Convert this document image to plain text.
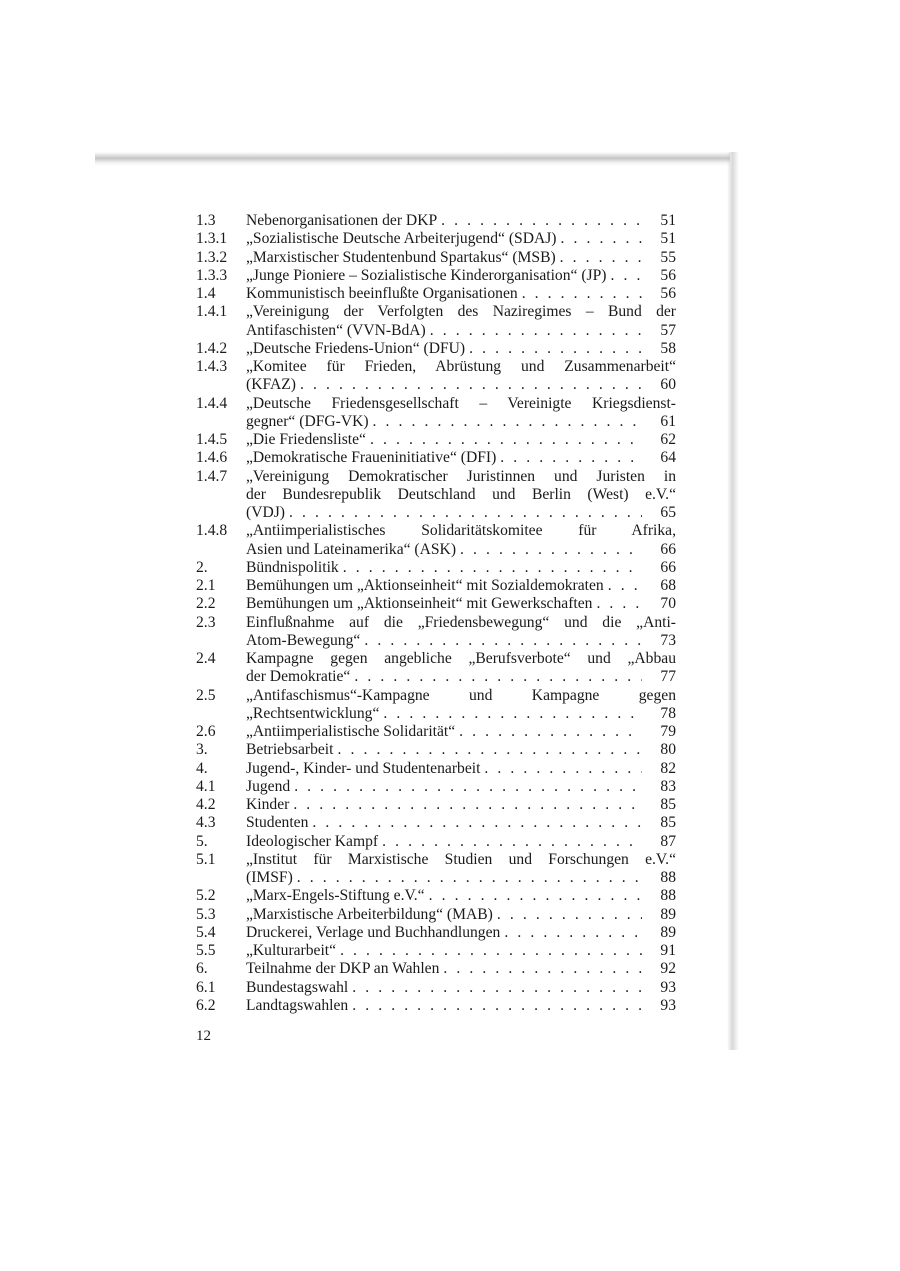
1.3	Nebenorganisationen der DKP . . .	51
1.3.1	„Sozialistische Deutsche Arbeiterjugend“ (SDAJ) . . .	51
1.3.2	„Marxistischer Studentenbund Spartakus“ (MSB) . . .	55
1.3.3	„Junge Pioniere – Sozialistische Kinderorganisation“ (JP) . . .	56
1.4	Kommunistisch beeinflußte Organisationen . . .	56
1.4.1	„Vereinigung der Verfolgten des Naziregimes – Bund der
Antifaschisten“ (VVN-BdA) . . .	57
1.4.2	„Deutsche Friedens-Union“ (DFU) . . .	58
1.4.3	„Komitee für Frieden, Abrüstung und Zusammenarbeit“
(KFAZ) . . .	60
1.4.4	„Deutsche Friedensgesellschaft – Vereinigte Kriegsdienst-
gegner“ (DFG-VK) . . .	61
1.4.5	„Die Friedensliste“ . . .	62
1.4.6	„Demokratische Fraueninitiative“ (DFI) . . .	64
1.4.7	„Vereinigung Demokratischer Juristinnen und Juristen in
der Bundesrepublik Deutschland und Berlin (West) e.V.“
(VDJ) . . .	65
1.4.8	„Antiimperialistisches Solidaritätskomitee für Afrika,
Asien und Lateinamerika“ (ASK) . . .	66
2.	Bündnispolitik . . .	66
2.1	Bemühungen um „Aktionseinheit“ mit Sozialdemokraten . . .	68
2.2	Bemühungen um „Aktionseinheit“ mit Gewerkschaften . . .	70
2.3	Einflußnahme auf die „Friedensbewegung“ und die „Anti-
Atom-Bewegung“ . . .	73
2.4	Kampagne gegen angebliche „Berufsverbote“ und „Abbau
der Demokratie“ . . .	77
2.5	„Antifaschismus“-Kampagne und Kampagne gegen
„Rechtsentwicklung“ . . .	78
2.6	„Antiimperialistische Solidarität“ . . .	79
3.	Betriebsarbeit . . .	80
4.	Jugend-, Kinder- und Studentenarbeit . . .	82
4.1	Jugend . . .	83
4.2	Kinder . . .	85
4.3	Studenten . . .	85
5.	Ideologischer Kampf . . .	87
5.1	„Institut für Marxistische Studien und Forschungen e.V.“
(IMSF) . . .	88
5.2	„Marx-Engels-Stiftung e.V.“ . . .	88
5.3	„Marxistische Arbeiterbildung“ (MAB) . . .	89
5.4	Druckerei, Verlage und Buchhandlungen . . .	89
5.5	„Kulturarbeit“ . . .	91
6.	Teilnahme der DKP an Wahlen . . .	92
6.1	Bundestagswahl . . .	93
6.2	Landtagswahlen . . .	93
12
